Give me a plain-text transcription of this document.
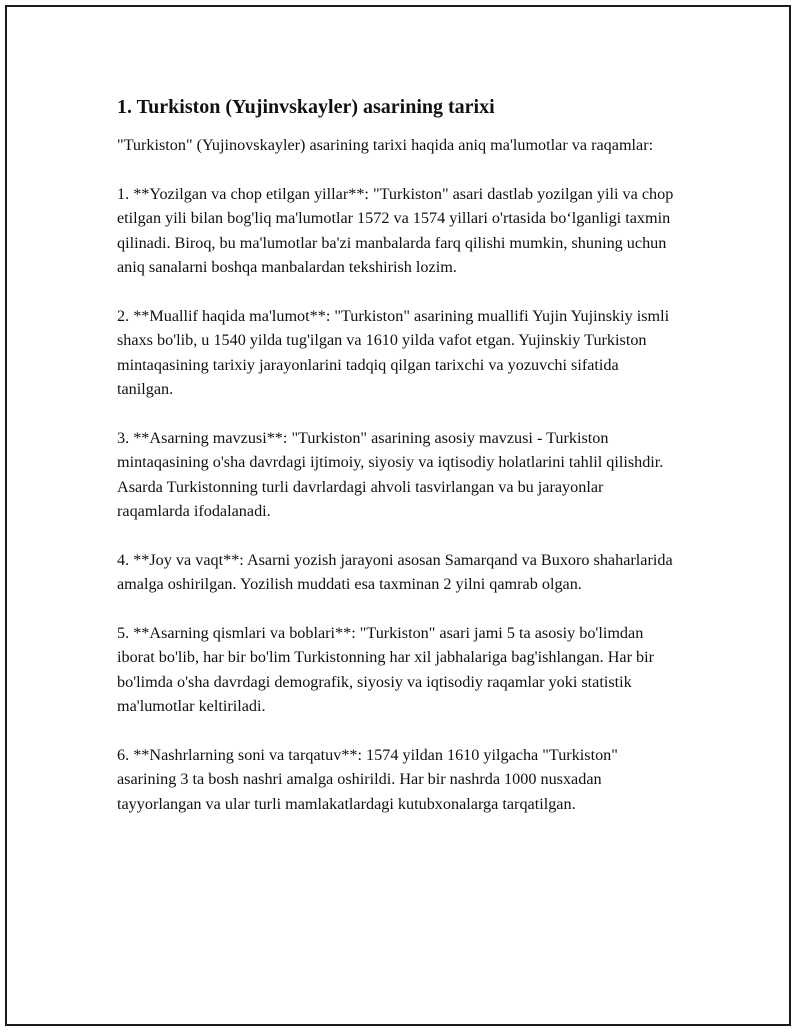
1. Turkiston (Yujinvskayler) asarining tarixi

"Turkiston" (Yujinovskayler) asarining tarixi haqida aniq ma'lumotlar va raqamlar:

1. **Yozilgan va chop etilgan yillar**: "Turkiston" asari dastlab yozilgan yili va chop etilgan yili bilan bog'liq ma'lumotlar 1572 va 1574 yillari o'rtasida bo‘lganligi taxmin qilinadi. Biroq, bu ma'lumotlar ba'zi manbalarda farq qilishi mumkin, shuning uchun aniq sanalarni boshqa manbalardan tekshirish lozim.

2. **Muallif haqida ma'lumot**: "Turkiston" asarining muallifi Yujin Yujinskiy ismli shaxs bo'lib, u 1540 yilda tug'ilgan va 1610 yilda vafot etgan. Yujinskiy Turkiston mintaqasining tarixiy jarayonlarini tadqiq qilgan tarixchi va yozuvchi sifatida tanilgan.

3. **Asarning mavzusi**: "Turkiston" asarining asosiy mavzusi - Turkiston mintaqasining o'sha davrdagi ijtimoiy, siyosiy va iqtisodiy holatlarini tahlil qilishdir. Asarda Turkistonning turli davrlardagi ahvoli tasvirlangan va bu jarayonlar raqamlarda ifodalanadi.

4. **Joy va vaqt**: Asarni yozish jarayoni asosan Samarqand va Buxoro shaharlarida amalga oshirilgan. Yozilish muddati esa taxminan 2 yilni qamrab olgan.

5. **Asarning qismlari va boblari**: "Turkiston" asari jami 5 ta asosiy bo'limdan iborat bo'lib, har bir bo'lim Turkistonning har xil jabhalariga bag'ishlangan. Har bir bo'limda o'sha davrdagi demografik, siyosiy va iqtisodiy raqamlar yoki statistik ma'lumotlar keltiriladi.

6. **Nashrlarning soni va tarqatuv**: 1574 yildan 1610 yilgacha "Turkiston" asarining 3 ta bosh nashri amalga oshirildi. Har bir nashrda 1000 nusxadan tayyorlangan va ular turli mamlakatlardagi kutubxonalarga tarqatilgan.
